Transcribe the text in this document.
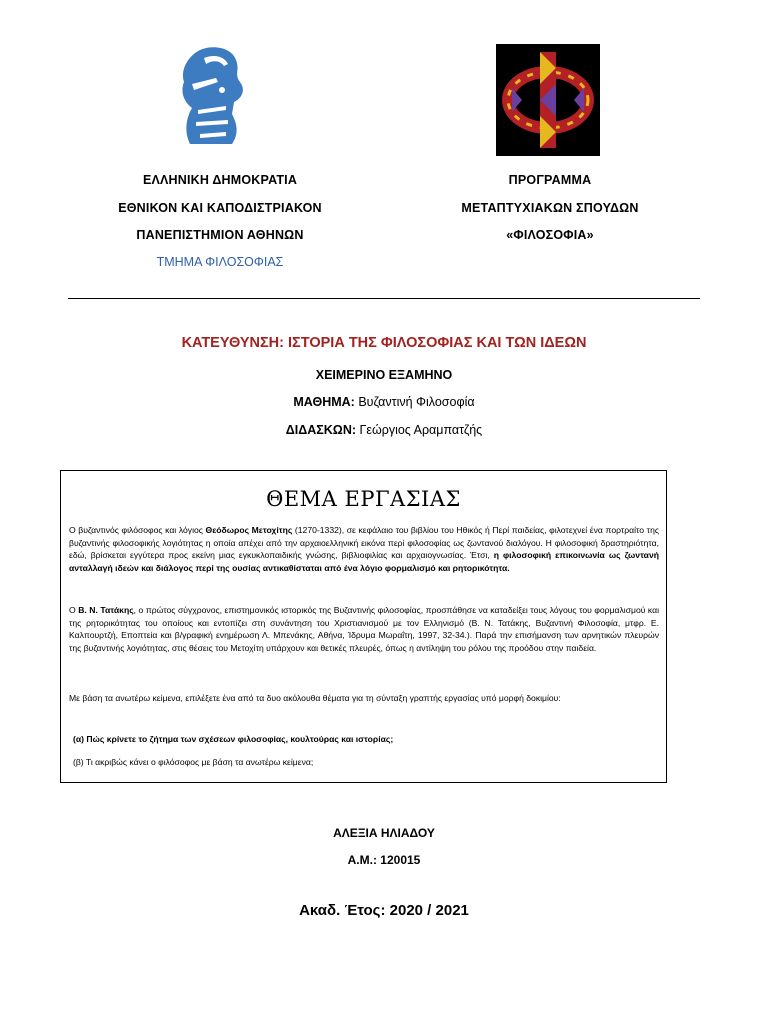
ΕΛΛΗΝΙΚΗ ΔΗΜΟΚΡΑΤΙΑ
ΕΘΝΙΚΟΝ ΚΑΙ ΚΑΠΟΔΙΣΤΡΙΑΚΟΝ
ΠΑΝΕΠΙΣΤΗΜΙΟΝ ΑΘΗΝΩΝ
ΤΜΗΜΑ ΦΙΛΟΣΟΦΙΑΣ
ΠΡΟΓΡΑΜΜΑ
ΜΕΤΑΠΤΥΧΙΑΚΩΝ ΣΠΟΥΔΩΝ
«ΦΙΛΟΣΟΦΙΑ»
ΚΑΤΕΥΘΥΝΣΗ: ΙΣΤΟΡΙΑ ΤΗΣ ΦΙΛΟΣΟΦΙΑΣ ΚΑΙ ΤΩΝ ΙΔΕΩΝ
ΧΕΙΜΕΡΙΝΟ ΕΞΑΜΗΝΟ
ΜΑΘΗΜΑ: Βυζαντινή Φιλοσοφία
ΔΙΔΑΣΚΩΝ: Γεώργιος Αραμπατζής
ΘΕΜΑ ΕΡΓΑΣΙΑΣ
Ο βυζαντινός φιλόσοφος και λόγιος Θεόδωρος Μετοχίτης (1270-1332), σε κεφάλαιο του βιβλίου του Ηθικός ή Περί παιδείας, φιλοτεχνεί ένα πορτραίτο της βυζαντινής φιλοσοφικής λογιότητας η οποία απέχει από την αρχαιοελληνική εικόνα περί φιλοσοφίας ως ζωντανού διαλόγου. Η φιλοσοφική δραστηριότητα, εδώ, βρίσκεται εγγύτερα προς εκείνη μιας εγκυκλοπαιδικής γνώσης, βιβλιοφιλίας και αρχαιογνωσίας. Έτσι, η φιλοσοφική επικοινωνία ως ζωντανή ανταλλαγή ιδεών και διάλογος περί της ουσίας αντικαθίσταται από ένα λόγιο φορμαλισμό και ρητορικότητα.
Ο Β. Ν. Τατάκης, ο πρώτος σύγχρονος, επιστημονικός ιστορικός της Βυζαντινής φιλοσοφίας, προσπάθησε να καταδείξει τους λόγους του φορμαλισμού και της ρητορικότητας του οποίους και εντοπίζει στη συνάντηση του Χριστιανισμού με τον Ελληνισμό (Β. Ν. Τατάκης, Βυζαντινή Φιλοσοφία, μτφρ. Ε. Καλπουρτζή, Εποπτεία και β/γραφική ενημέρωση Λ. Μπενάκης, Αθήνα, Ίδρυμα Μωραΐτη, 1997, 32-34.). Παρά την επισήμανση των αρνητικών πλευρών της βυζαντινής λογιότητας, στις θέσεις του Μετοχίτη υπάρχουν και θετικές πλευρές, όπως η αντίληψη του ρόλου της προόδου στην παιδεία.
Με βάση τα ανωτέρω κείμενα, επιλέξετε ένα από τα δυο ακόλουθα θέματα για τη σύνταξη γραπτής εργασίας υπό μορφή δοκιμίου:
(α) Πώς κρίνετε το ζήτημα των σχέσεων φιλοσοφίας, κουλτούρας και ιστορίας;
(β) Τι ακριβώς κάνει ο φιλόσοφος με βάση τα ανωτέρω κείμενα;
ΑΛΕΞΙΑ ΗΛΙΑΔΟΥ
Α.Μ.: 120015
Ακαδ. Έτος: 2020 / 2021
